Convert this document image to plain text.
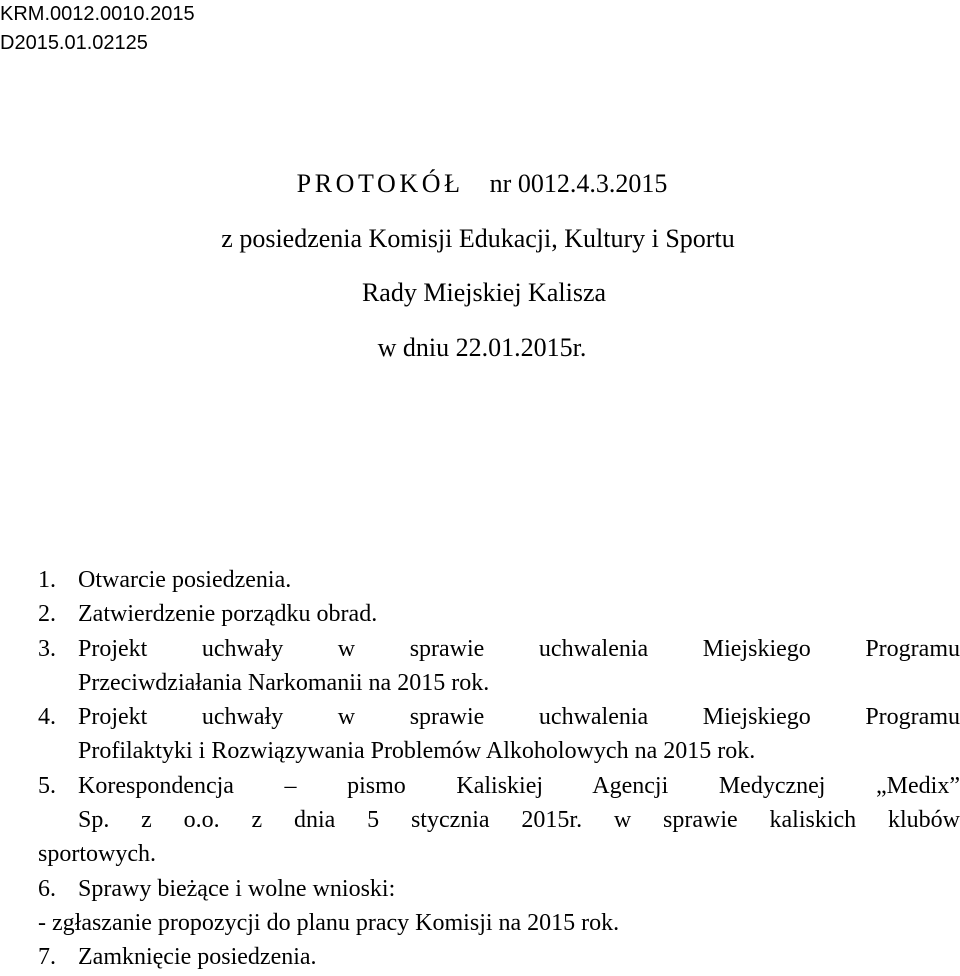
KRM.0012.0010.2015
D2015.01.02125
PROTOKÓŁ nr 0012.4.3.2015
z posiedzenia Komisji Edukacji, Kultury i Sportu
Rady Miejskiej Kalisza
w dniu 22.01.2015r.
1. Otwarcie posiedzenia.
2. Zatwierdzenie porządku obrad.
3. Projekt uchwały w sprawie uchwalenia Miejskiego Programu
Przeciwdziałania Narkomanii na 2015 rok.
4. Projekt uchwały w sprawie uchwalenia Miejskiego Programu
Profilaktyki i Rozwiązywania Problemów Alkoholowych na 2015 rok.
5. Korespondencja – pismo Kaliskiej Agencji Medycznej „Medix”
Sp. z o.o. z dnia 5 stycznia 2015r. w sprawie kaliskich klubów
sportowych.
6. Sprawy bieżące i wolne wnioski:
- zgłaszanie propozycji do planu pracy Komisji na 2015 rok.
7. Zamknięcie posiedzenia.
